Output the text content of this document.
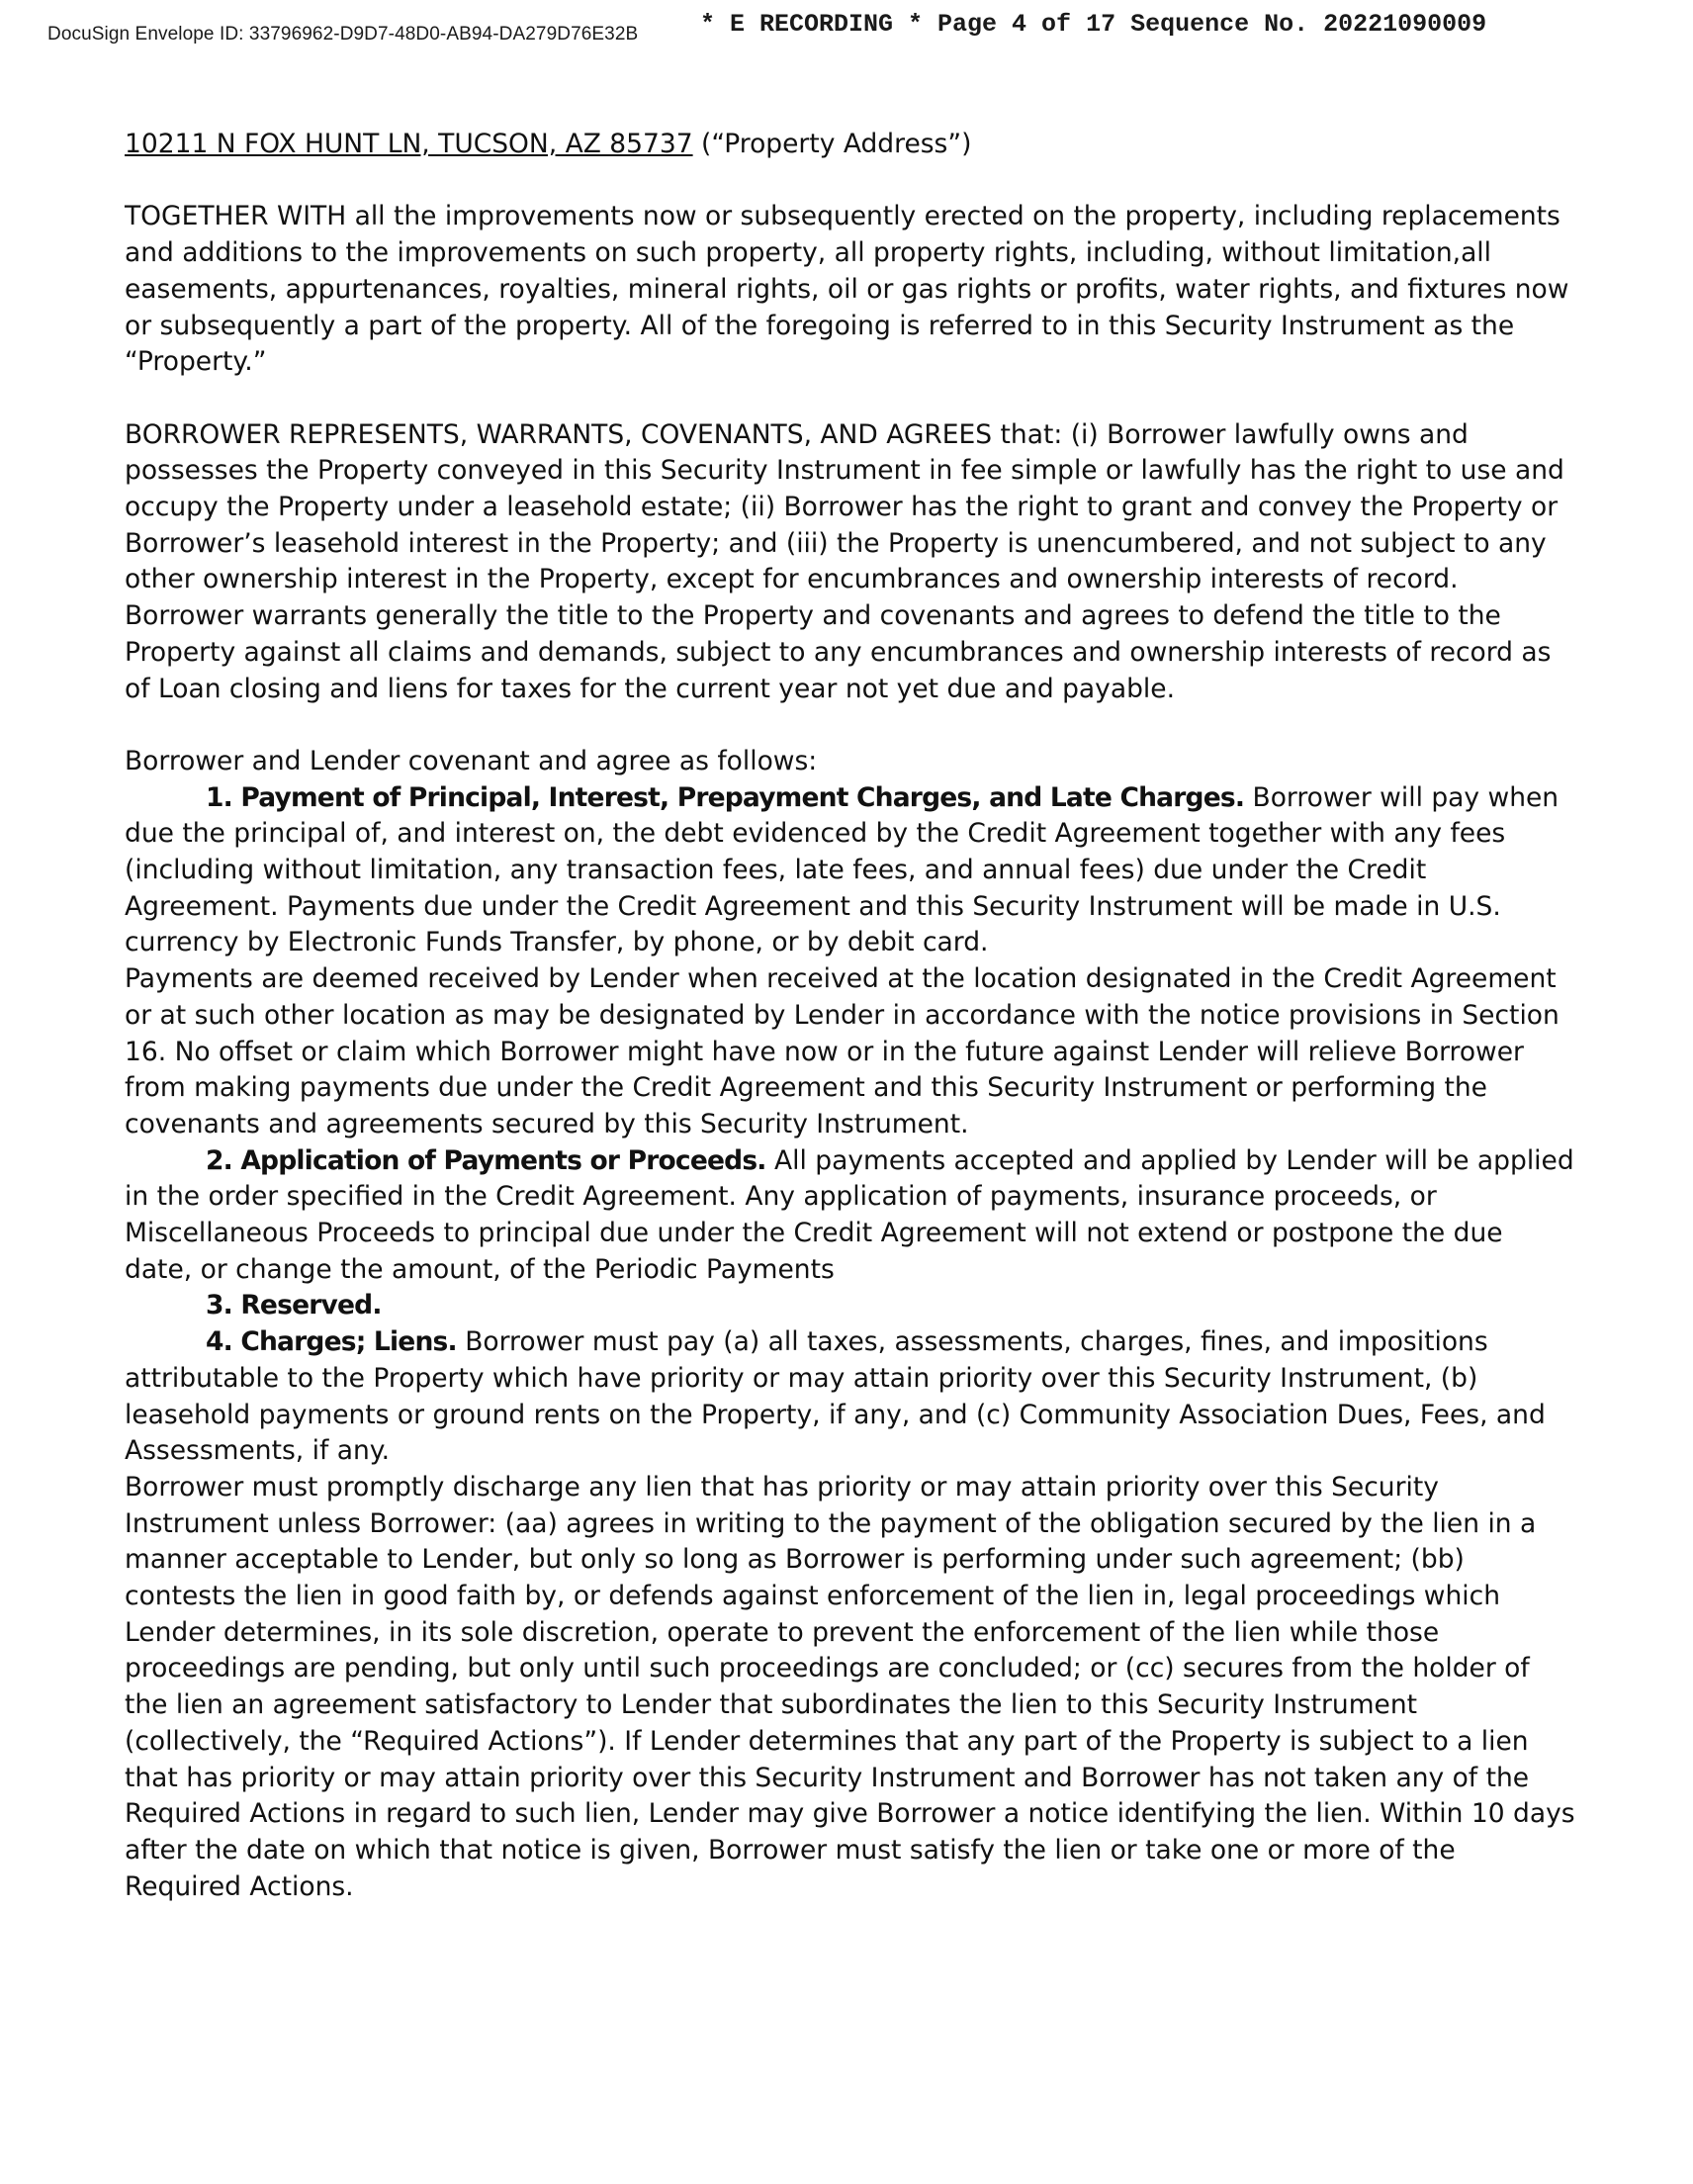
DocuSign Envelope ID: 33796962-D9D7-48D0-AB94-DA279D76E32B	* E RECORDING * Page 4 of 17 Sequence No. 20221090009

10211 N FOX HUNT LN, TUCSON, AZ 85737 (“Property Address”)

TOGETHER WITH all the improvements now or subsequently erected on the property, including replacements and additions to the improvements on such property, all property rights, including, without limitation,all easements, appurtenances, royalties, mineral rights, oil or gas rights or profits, water rights, and fixtures now or subsequently a part of the property. All of the foregoing is referred to in this Security Instrument as the “Property.”

BORROWER REPRESENTS, WARRANTS, COVENANTS, AND AGREES that: (i) Borrower lawfully owns and possesses the Property conveyed in this Security Instrument in fee simple or lawfully has the right to use and occupy the Property under a leasehold estate; (ii) Borrower has the right to grant and convey the Property or Borrower’s leasehold interest in the Property; and (iii) the Property is unencumbered, and not subject to any other ownership interest in the Property, except for encumbrances and ownership interests of record. Borrower warrants generally the title to the Property and covenants and agrees to defend the title to the Property against all claims and demands, subject to any encumbrances and ownership interests of record as of Loan closing and liens for taxes for the current year not yet due and payable.

Borrower and Lender covenant and agree as follows:

1. Payment of Principal, Interest, Prepayment Charges, and Late Charges. Borrower will pay when due the principal of, and interest on, the debt evidenced by the Credit Agreement together with any fees (including without limitation, any transaction fees, late fees, and annual fees) due under the Credit Agreement. Payments due under the Credit Agreement and this Security Instrument will be made in U.S. currency by Electronic Funds Transfer, by phone, or by debit card.

Payments are deemed received by Lender when received at the location designated in the Credit Agreement or at such other location as may be designated by Lender in accordance with the notice provisions in Section 16. No offset or claim which Borrower might have now or in the future against Lender will relieve Borrower from making payments due under the Credit Agreement and this Security Instrument or performing the covenants and agreements secured by this Security Instrument.

2. Application of Payments or Proceeds. All payments accepted and applied by Lender will be applied in the order specified in the Credit Agreement. Any application of payments, insurance proceeds, or Miscellaneous Proceeds to principal due under the Credit Agreement will not extend or postpone the due date, or change the amount, of the Periodic Payments

3. Reserved.

4. Charges; Liens. Borrower must pay (a) all taxes, assessments, charges, fines, and impositions attributable to the Property which have priority or may attain priority over this Security Instrument, (b) leasehold payments or ground rents on the Property, if any, and (c) Community Association Dues, Fees, and Assessments, if any.

Borrower must promptly discharge any lien that has priority or may attain priority over this Security Instrument unless Borrower: (aa) agrees in writing to the payment of the obligation secured by the lien in a manner acceptable to Lender, but only so long as Borrower is performing under such agreement; (bb) contests the lien in good faith by, or defends against enforcement of the lien in, legal proceedings which Lender determines, in its sole discretion, operate to prevent the enforcement of the lien while those proceedings are pending, but only until such proceedings are concluded; or (cc) secures from the holder of the lien an agreement satisfactory to Lender that subordinates the lien to this Security Instrument (collectively, the “Required Actions”). If Lender determines that any part of the Property is subject to a lien that has priority or may attain priority over this Security Instrument and Borrower has not taken any of the Required Actions in regard to such lien, Lender may give Borrower a notice identifying the lien. Within 10 days after the date on which that notice is given, Borrower must satisfy the lien or take one or more of the Required Actions.
